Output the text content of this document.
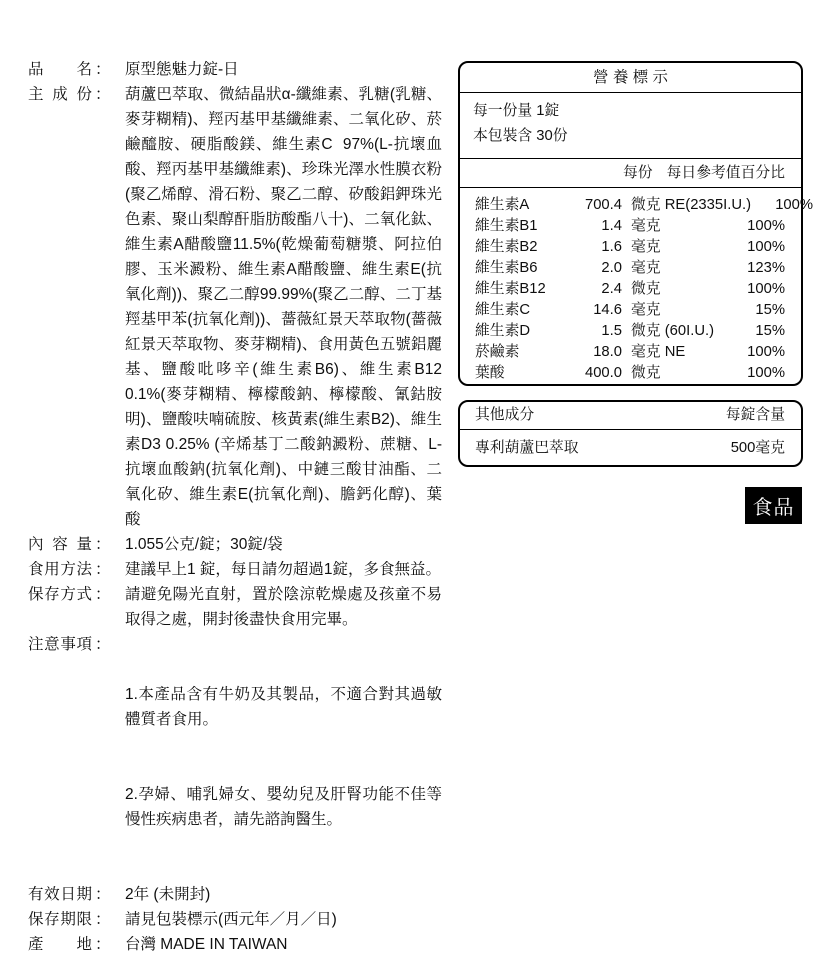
品 名 ： 原型態魅力錠-日
主 成 份 ： 葫蘆巴萃取、微結晶狀α-纖維素、乳糖(乳糖、麥芽糊精)、羥丙基甲基纖維素、二氧化矽、菸鹼醯胺、硬脂酸鎂、維生素C  97%(L-抗壞血酸、羥丙基甲基纖維素)、珍珠光澤水性膜衣粉(聚乙烯醇、滑石粉、聚乙二醇、矽酸鋁鉀珠光色素、聚山梨醇酐脂肪酸酯八十)、二氧化鈦、維生素A醋酸鹽11.5%(乾燥葡萄糖漿、阿拉伯膠、玉米澱粉、維生素A醋酸鹽、維生素E(抗氧化劑))、聚乙二醇99.99%(聚乙二醇、二丁基羥基甲苯(抗氧化劑))、薔薇紅景天萃取物(薔薇紅景天萃取物、麥芽糊精)、食用黃色五號鋁麗基、鹽酸吡哆辛(維生素B6)、維生素B12  0.1%(麥芽糊精、檸檬酸鈉、檸檬酸、氰鈷胺明)、鹽酸呋喃硫胺、核黃素(維生素B2)、維生素D3 0.25% (辛烯基丁二酸鈉澱粉、蔗糖、L-抗壞血酸鈉(抗氧化劑)、中鏈三酸甘油酯、二氧化矽、維生素E(抗氧化劑)、膽鈣化醇)、葉酸
內 容 量 ： 1.055公克/錠；30錠/袋
食 用 方 法 ： 建議早上1 錠，每日請勿超過1錠，多食無益。
保 存 方 式 ： 請避免陽光直射，置於陰涼乾燥處及孩童不易取得之處，開封後盡快食用完畢。
注 意 事 項 ：

1.本產品含有牛奶及其製品，不適合對其過敏體質者食用。

2.孕婦、哺乳婦女、嬰幼兒及肝腎功能不佳等慢性疾病患者，請先諮詢醫生。

有 效 日 期 ： 2年 (未開封)
保 存 期 限 ： 請見包裝標示(西元年／月／日)
產 地 ： 台灣 MADE IN TAIWAN
營 養 標 示
每一份量 1錠
本包裝含 30份
每份 每日參考值百分比
維生素A	700.4 微克 RE(2335I.U.)	100%
維生素B1	1.4 毫克	100%
維生素B2	1.6 毫克	100%
維生素B6	2.0 毫克	123%
維生素B12	2.4 微克	100%
維生素C	14.6 毫克	15%
維生素D	1.5 微克 (60I.U.)	15%
菸鹼素	18.0 毫克 NE	100%
葉酸	400.0 微克	100%
其他成分	每錠含量
專利葫蘆巴萃取	500毫克
食品
